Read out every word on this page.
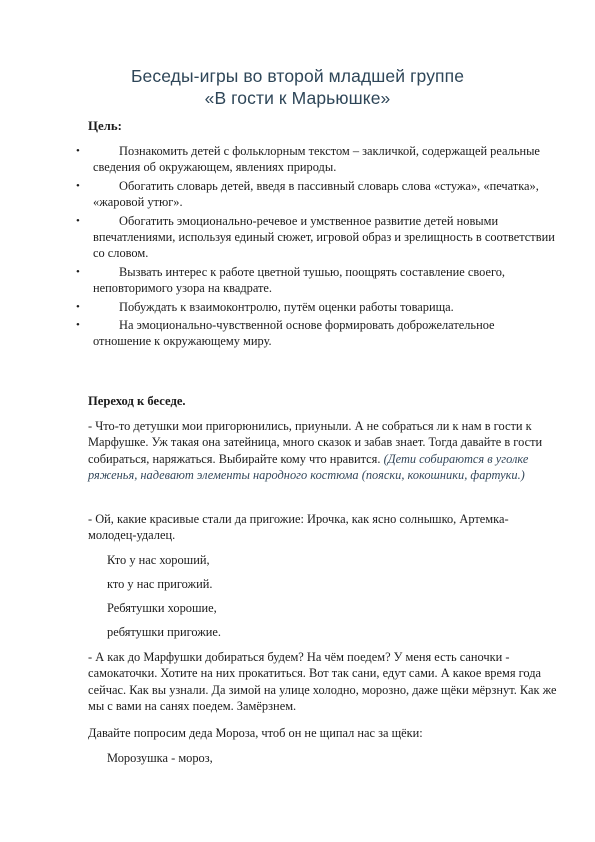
Беседы-игры во второй младшей группе
«В гости к Марьюшке»
Цель:
•	Познакомить детей с фольклорным текстом – закличкой, содержащей реальные сведения об окружающем, явлениях природы.
•	Обогатить словарь детей, введя в пассивный словарь слова «стужа», «печатка», «жаровой утюг».
•	Обогатить эмоционально-речевое и умственное развитие детей новыми впечатлениями, используя единый сюжет, игровой образ и зрелищность в соответствии со словом.
•	Вызвать интерес к работе цветной тушью, поощрять составление своего, неповторимого узора на квадрате.
•	Побуждать к взаимоконтролю, путём оценки работы товарища.
•	На эмоционально-чувственной основе формировать доброжелательное отношение к окружающему миру.
Переход к беседе.
- Что-то детушки мои пригорюнились, приуныли. А не собраться ли к нам в гости к Марфушке. Уж такая она затейница, много сказок и забав знает. Тогда давайте в гости собираться, наряжаться. Выбирайте кому что нравится. (Дети собираются в уголке ряженья, надевают элементы народного костюма (пояски, кокошники, фартуки.)
- Ой, какие красивые стали да пригожие: Ирочка, как ясно солнышко, Артемка- молодец-удалец.
Кто у нас хороший,
кто у нас пригожий.
Ребятушки хорошие,
ребятушки пригожие.
- А как до Марфушки добираться будем? На чём поедем? У меня есть саночки - самокаточки. Хотите на них прокатиться. Вот так сани, едут сами. А какое время года сейчас. Как вы узнали. Да зимой на улице холодно, морозно, даже щёки мёрзнут. Как же мы с вами на санях поедем. Замёрзнем.
Давайте попросим деда Мороза, чтоб он не щипал нас за щёки:
Морозушка - мороз,
